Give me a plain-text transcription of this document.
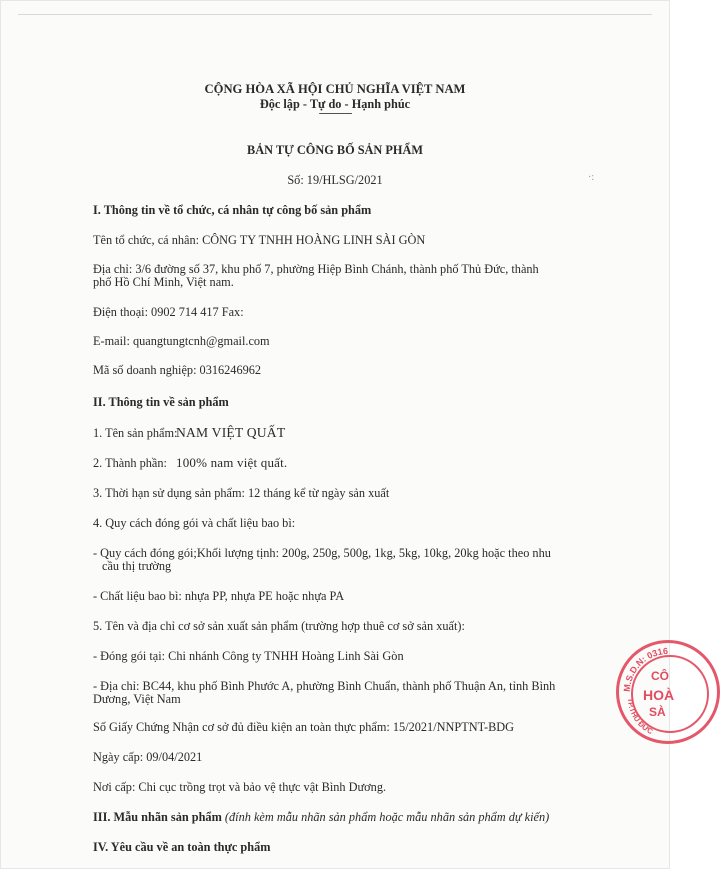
CỘNG HÒA XÃ HỘI CHỦ NGHĨA VIỆT NAM
Độc lập - Tự do - Hạnh phúc
--------------
BẢN TỰ CÔNG BỐ SẢN PHẨM
Số: 19/HLSG/2021	·:
I. Thông tin về tổ chức, cá nhân tự công bố sản phẩm
Tên tổ chức, cá nhân: CÔNG TY TNHH HOÀNG LINH SÀI GÒN
Địa chỉ: 3/6 đường số 37, khu phố 7, phường Hiệp Bình Chánh, thành phố Thủ Đức, thành
phố Hồ Chí Minh, Việt nam.
Điện thoại: 0902 714 417 Fax:
E-mail: quangtungtcnh@gmail.com
Mã số doanh nghiệp: 0316246962
II. Thông tin về sản phẩm
1. Tên sản phẩm:
NAM VIỆT QUẤT
2. Thành phần: 100% nam việt quất.
3. Thời hạn sử dụng sản phẩm: 12 tháng kể từ ngày sản xuất
4. Quy cách đóng gói và chất liệu bao bì:
- Quy cách đóng gói;Khối lượng tịnh: 200g, 250g, 500g, 1kg, 5kg, 10kg, 20kg hoặc theo nhu
cầu thị trường
- Chất liệu bao bì: nhựa PP, nhựa PE hoặc nhựa PA
5. Tên và địa chỉ cơ sở sản xuất sản phẩm (trường hợp thuê cơ sở sản xuất):
- Đóng gói tại: Chi nhánh Công ty TNHH Hoàng Linh Sài Gòn
- Địa chỉ: BC44, khu phố Bình Phước A, phường Bình Chuẩn, thành phố Thuận An, tỉnh Bình
Dương, Việt Nam
Số Giấy Chứng Nhận cơ sở đủ điều kiện an toàn thực phẩm: 15/2021/NNPTNT-BDG
Ngày cấp: 09/04/2021
Nơi cấp: Chi cục trồng trọt và bảo vệ thực vật Bình Dương.
III. Mẫu nhãn sản phẩm (đính kèm mẫu nhãn sản phẩm hoặc mẫu nhãn sản phẩm dự kiến)
IV. Yêu cầu về an toàn thực phẩm
M.S.D.N: 0316
TP.THỦ ĐỨC
CÔ
HOÀ
SÀ
